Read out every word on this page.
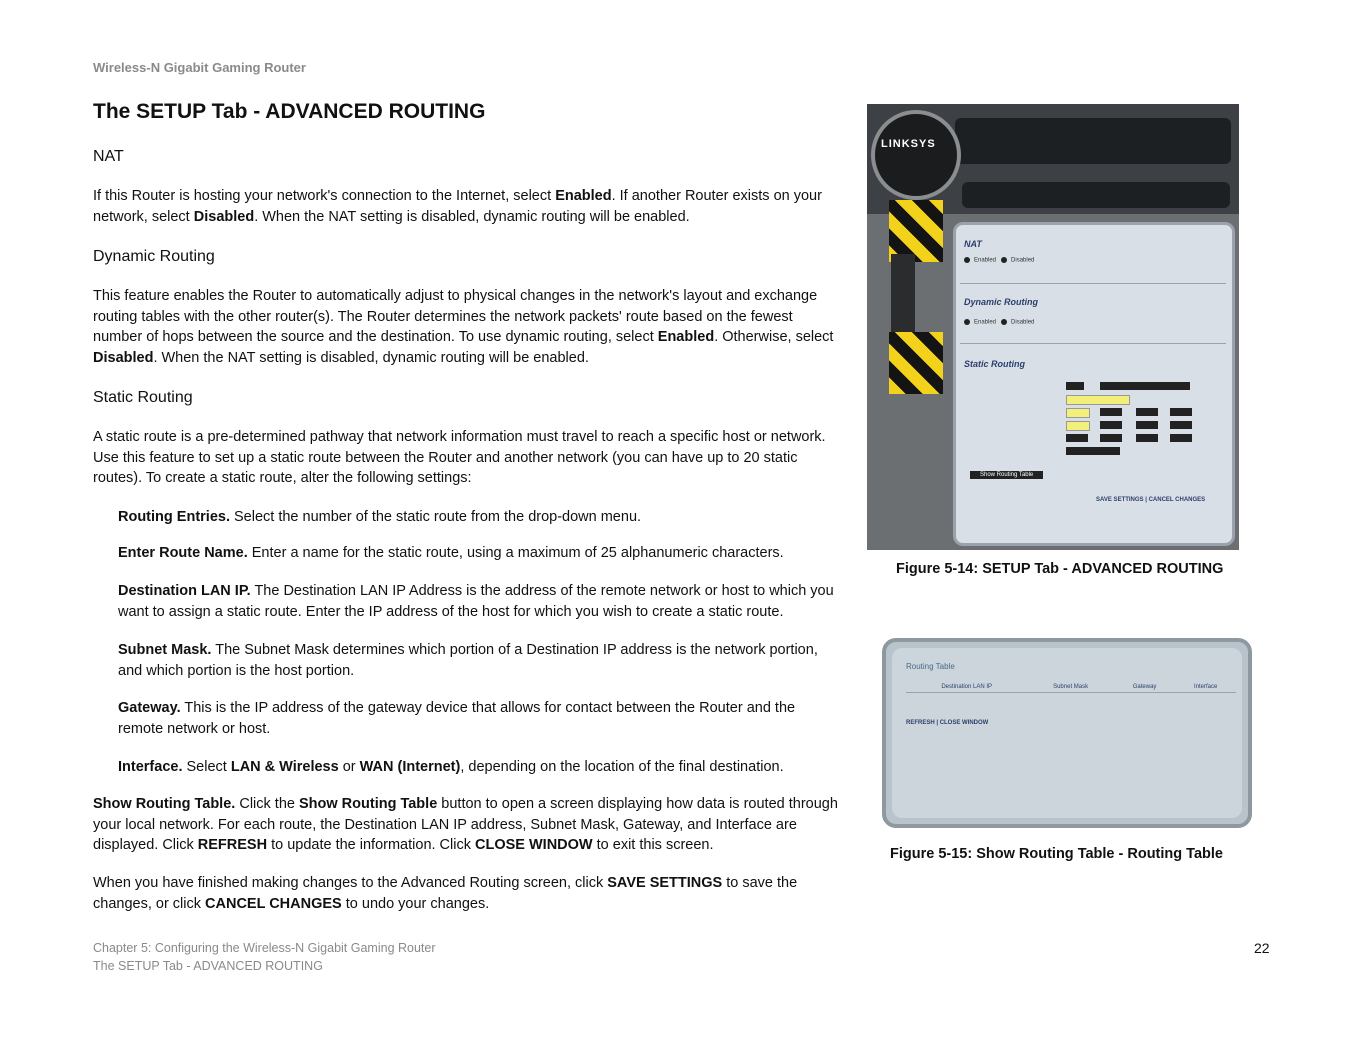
Wireless-N Gigabit Gaming Router
The SETUP Tab - ADVANCED ROUTING
NAT

If this Router is hosting your network's connection to the Internet, select Enabled. If another Router exists on your network, select Disabled. When the NAT setting is disabled, dynamic routing will be enabled.

Dynamic Routing

This feature enables the Router to automatically adjust to physical changes in the network's layout and exchange routing tables with the other router(s). The Router determines the network packets' route based on the fewest number of hops between the source and the destination. To use dynamic routing, select Enabled. Otherwise, select Disabled. When the NAT setting is disabled, dynamic routing will be enabled.

Static Routing
A static route is a pre-determined pathway that network information must travel to reach a specific host or network. Use this feature to set up a static route between the Router and another network (you can have up to 20 static routes). To create a static route, alter the following settings:

Routing Entries. Select the number of the static route from the drop-down menu.

Enter Route Name. Enter a name for the static route, using a maximum of 25 alphanumeric characters.

Destination LAN IP. The Destination LAN IP Address is the address of the remote network or host to which you want to assign a static route. Enter the IP address of the host for which you wish to create a static route.

Subnet Mask. The Subnet Mask determines which portion of a Destination IP address is the network portion, and which portion is the host portion.

Gateway. This is the IP address of the gateway device that allows for contact between the Router and the remote network or host.

Interface. Select LAN & Wireless or WAN (Internet), depending on the location of the final destination.

Show Routing Table. Click the Show Routing Table button to open a screen displaying how data is routed through your local network. For each route, the Destination LAN IP address, Subnet Mask, Gateway, and Interface are displayed. Click REFRESH to update the information. Click CLOSE WINDOW to exit this screen.

When you have finished making changes to the Advanced Routing screen, click SAVE SETTINGS to save the changes, or click CANCEL CHANGES to undo your changes.

LINKSYS
NAT
Enabled	Disabled
Dynamic Routing
Enabled	Disabled
Static Routing
Show Routing Table
SAVE SETTINGS | CANCEL CHANGES
Figure 5-14: SETUP Tab - ADVANCED ROUTING
Routing Table
Destination LAN IP	Subnet Mask	Gateway	Interface
REFRESH | CLOSE WINDOW
Figure 5-15: Show Routing Table - Routing Table
Chapter 5: Configuring the Wireless-N Gigabit Gaming Router
The SETUP Tab - ADVANCED ROUTING
22
